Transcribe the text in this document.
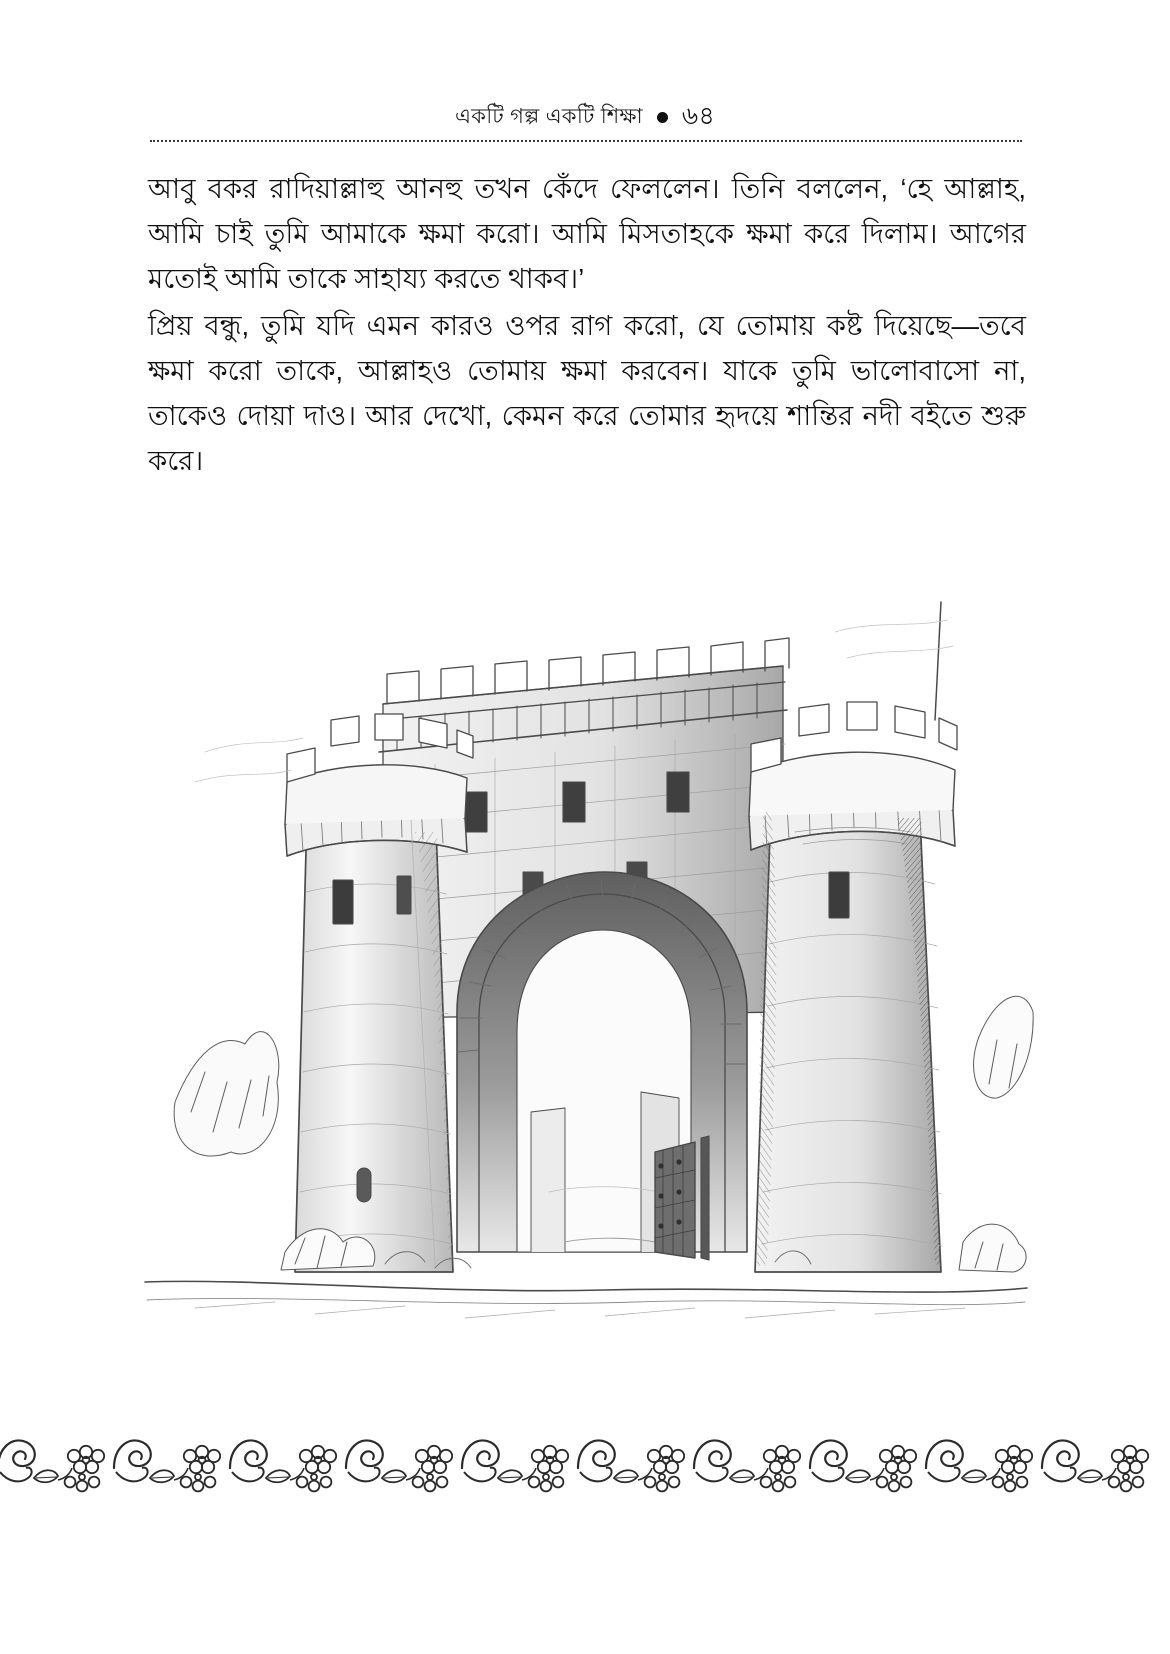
একটি গল্প একটি শিক্ষা ৬৪

আবু বকর রাদিয়াল্লাহু আনহু তখন কেঁদে ফেললেন। তিনি বললেন, ‘হে আল্লাহ, আমি চাই তুমি আমাকে ক্ষমা করো। আমি মিসতাহকে ক্ষমা করে দিলাম। আগের মতোই আমি তাকে সাহায্য করতে থাকব।’

প্রিয় বন্ধু, তুমি যদি এমন কারও ওপর রাগ করো, যে তোমায় কষ্ট দিয়েছে—তবে ক্ষমা করো তাকে, আল্লাহও তোমায় ক্ষমা করবেন। যাকে তুমি ভালোবাসো না, তাকেও দোয়া দাও। আর দেখো, কেমন করে তোমার হৃদয়ে শান্তির নদী বইতে শুরু করে।
